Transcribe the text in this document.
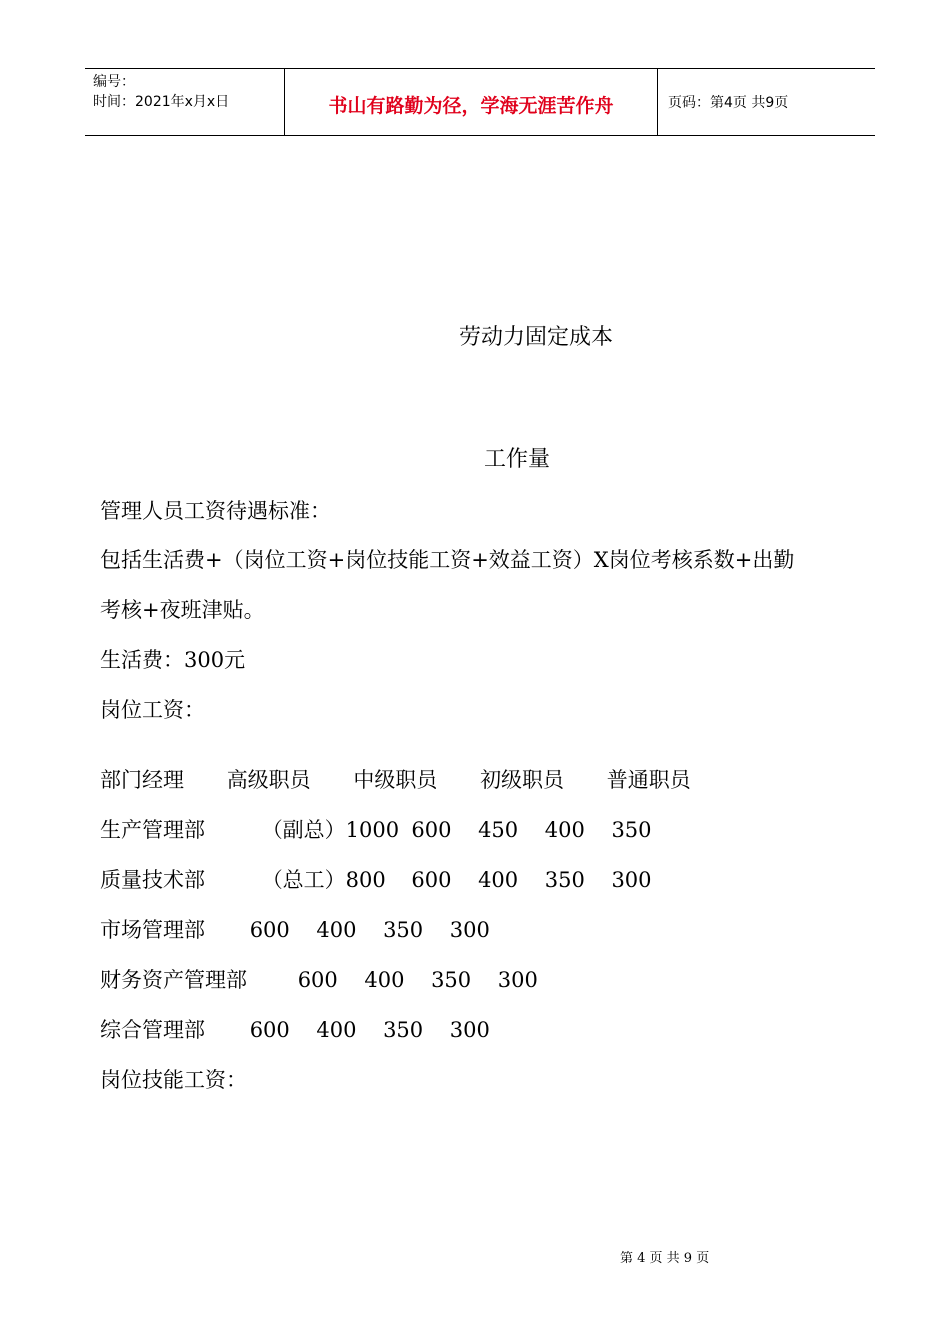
编号：
时间：2021年x月x日	书山有路勤为径，学海无涯苦作舟	页码：第4页 共9页
劳动力固定成本
工作量
管理人员工资待遇标准：
包括生活费+（岗位工资+岗位技能工资+效益工资）X岗位考核系数+出勤
考核+夜班津贴。
生活费：300元
岗位工资：
部门经理 高级职员 中级职员 初级职员 普通职员
生产管理部	（副总）1000 600 450 400 350
质量技术部	（总工）800 600 400 350 300
市场管理部 600 400 350 300
财务资产管理部 600 400 350 300
综合管理部 600 400 350 300
岗位技能工资：
第 4 页 共 9 页
